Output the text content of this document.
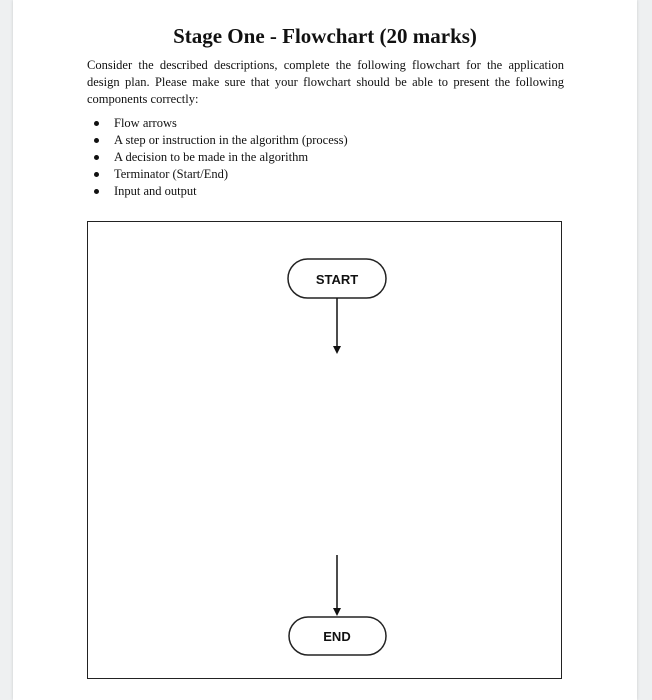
Stage One - Flowchart (20 marks)

Consider the described descriptions, complete the following flowchart for the application design plan. Please make sure that your flowchart should be able to present the following components correctly:

Flow arrows
A step or instruction in the algorithm (process)
A decision to be made in the algorithm
Terminator (Start/End)
Input and output
START
END
